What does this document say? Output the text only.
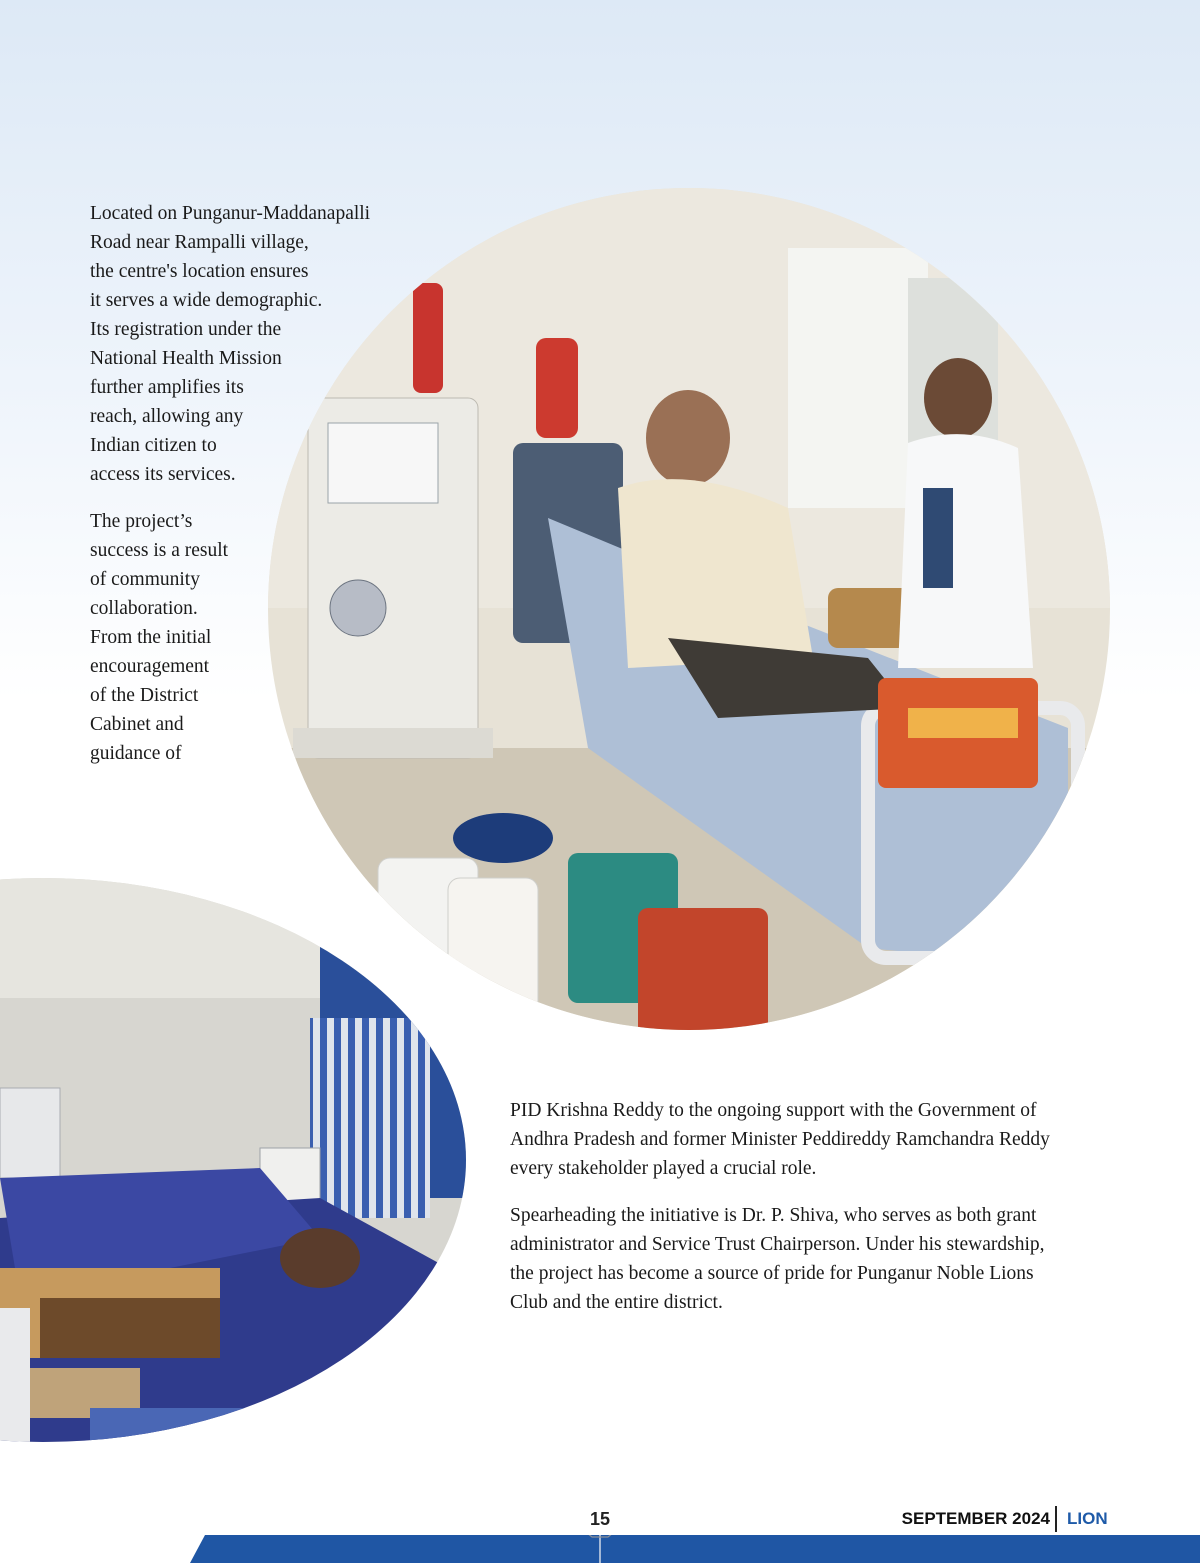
Located on Punganur-Maddanapalli
Road near Rampalli village,
the centre's location ensures
it serves a wide demographic.
Its registration under the
National Health Mission
further amplifies its
reach, allowing any
Indian citizen to
access its services.

The project’s
success is a result
of community
collaboration.
From the initial
encouragement
of the District
Cabinet and
guidance of

PID Krishna Reddy to the ongoing support with the Government of
Andhra Pradesh and former Minister Peddireddy Ramchandra Reddy
every stakeholder played a crucial role.

Spearheading the initiative is Dr. P. Shiva, who serves as both grant
administrator and Service Trust Chairperson. Under his stewardship,
the project has become a source of pride for Punganur Noble Lions
Club and the entire district.

15	SEPTEMBER 2024 LION
